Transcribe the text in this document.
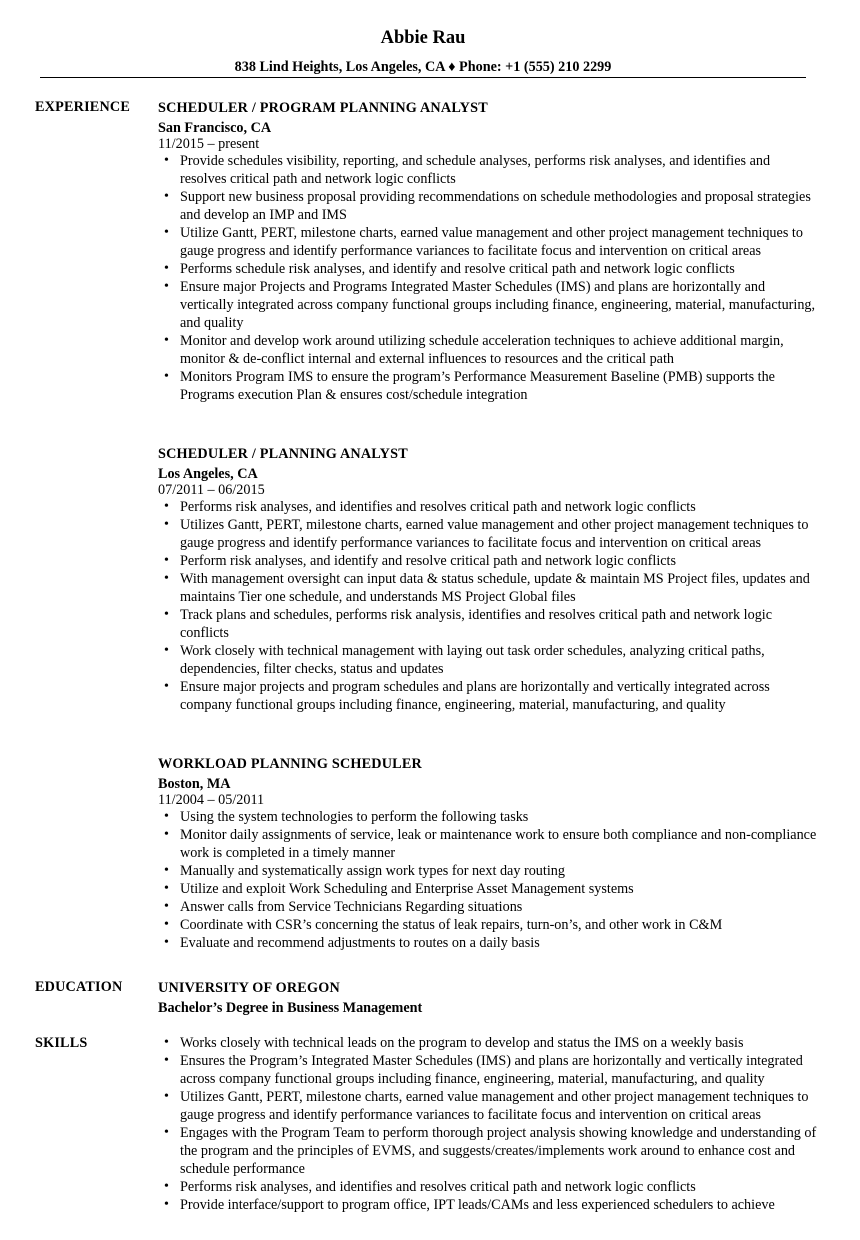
Abbie Rau
838 Lind Heights, Los Angeles, CA ♦ Phone: +1 (555) 210 2299
EXPERIENCE SCHEDULER / PROGRAM PLANNING ANALYST
San Francisco, CA
11/2015 – present
• Provide schedules visibility, reporting, and schedule analyses, performs risk analyses, and identifies and resolves critical path and network logic conflicts
• Support new business proposal providing recommendations on schedule methodologies and proposal strategies and develop an IMP and IMS
• Utilize Gantt, PERT, milestone charts, earned value management and other project management techniques to gauge progress and identify performance variances to facilitate focus and intervention on critical areas
• Performs schedule risk analyses, and identify and resolve critical path and network logic conflicts
• Ensure major Projects and Programs Integrated Master Schedules (IMS) and plans are horizontally and vertically integrated across company functional groups including finance, engineering, material, manufacturing, and quality
• Monitor and develop work around utilizing schedule acceleration techniques to achieve additional margin, monitor & de-conflict internal and external influences to resources and the critical path
• Monitors Program IMS to ensure the program’s Performance Measurement Baseline (PMB) supports the Programs execution Plan & ensures cost/schedule integration
SCHEDULER / PLANNING ANALYST
Los Angeles, CA
07/2011 – 06/2015
• Performs risk analyses, and identifies and resolves critical path and network logic conflicts
• Utilizes Gantt, PERT, milestone charts, earned value management and other project management techniques to gauge progress and identify performance variances to facilitate focus and intervention on critical areas
• Perform risk analyses, and identify and resolve critical path and network logic conflicts
• With management oversight can input data & status schedule, update & maintain MS Project files, updates and maintains Tier one schedule, and understands MS Project Global files
• Track plans and schedules, performs risk analysis, identifies and resolves critical path and network logic conflicts
• Work closely with technical management with laying out task order schedules, analyzing critical paths, dependencies, filter checks, status and updates
• Ensure major projects and program schedules and plans are horizontally and vertically integrated across company functional groups including finance, engineering, material, manufacturing, and quality
WORKLOAD PLANNING SCHEDULER
Boston, MA
11/2004 – 05/2011
• Using the system technologies to perform the following tasks
• Monitor daily assignments of service, leak or maintenance work to ensure both compliance and non-compliance work is completed in a timely manner
• Manually and systematically assign work types for next day routing
• Utilize and exploit Work Scheduling and Enterprise Asset Management systems
• Answer calls from Service Technicians Regarding situations
• Coordinate with CSR’s concerning the status of leak repairs, turn-on’s, and other work in C&M
• Evaluate and recommend adjustments to routes on a daily basis
EDUCATION	UNIVERSITY OF OREGON
Bachelor’s Degree in Business Management
SKILLS
•	Works closely with technical leads on the program to develop and status the IMS on a weekly basis
• Ensures the Program’s Integrated Master Schedules (IMS) and plans are horizontally and vertically integrated across company functional groups including finance, engineering, material, manufacturing, and quality
• Utilizes Gantt, PERT, milestone charts, earned value management and other project management techniques to gauge progress and identify performance variances to facilitate focus and intervention on critical areas
• Engages with the Program Team to perform thorough project analysis showing knowledge and understanding of the program and the principles of EVMS, and suggests/creates/implements work around to enhance cost and schedule performance
• Performs risk analyses, and identifies and resolves critical path and network logic conflicts
• Provide interface/support to program office, IPT leads/CAMs and less experienced schedulers to achieve
